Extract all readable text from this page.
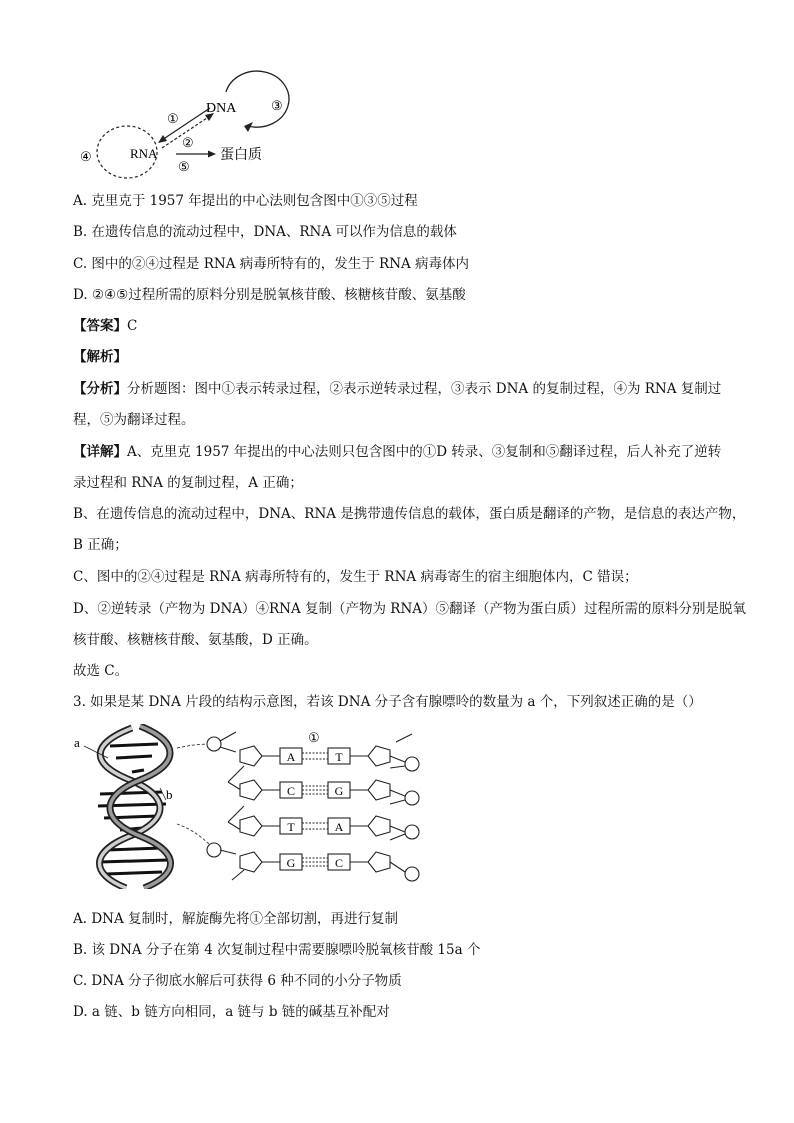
DNA
RNA	蛋白质
①
②
③
④
⑤
A. 克里克于 1957 年提出的中心法则包含图中①③⑤过程
B. 在遗传信息的流动过程中，DNA、RNA 可以作为信息的载体
C. 图中的②④过程是 RNA 病毒所特有的，发生于 RNA 病毒体内
D. ②④⑤过程所需的原料分别是脱氧核苷酸、核糖核苷酸、氨基酸
【答案】C
【解析】
【分析】分析题图：图中①表示转录过程，②表示逆转录过程，③表示 DNA 的复制过程，④为 RNA 复制过
程，⑤为翻译过程。
【详解】A、克里克 1957 年提出的中心法则只包含图中的①D 转录、③复制和⑤翻译过程，后人补充了逆转
录过程和 RNA 的复制过程，A 正确；
B、在遗传信息的流动过程中，DNA、RNA 是携带遗传信息的载体，蛋白质是翻译的产物，是信息的表达产物，
B 正确；
C、图中的②④过程是 RNA 病毒所特有的，发生于 RNA 病毒寄生的宿主细胞体内，C 错误；
D、②逆转录（产物为 DNA）④RNA 复制（产物为 RNA）⑤翻译（产物为蛋白质）过程所需的原料分别是脱氧
核苷酸、核糖核苷酸、氨基酸，D 正确。
故选 C。
3. 如果是某 DNA 片段的结构示意图，若该 DNA 分子含有腺嘌呤的数量为 a 个，下列叙述正确的是（）
a
b
A	T
C	G
T	A
G	C
①
A. DNA 复制时，解旋酶先将①全部切割，再进行复制
B. 该 DNA 分子在第 4 次复制过程中需要腺嘌呤脱氧核苷酸 15a 个
C. DNA 分子彻底水解后可获得 6 种不同的小分子物质
D. a 链、b 链方向相同，a 链与 b 链的碱基互补配对
